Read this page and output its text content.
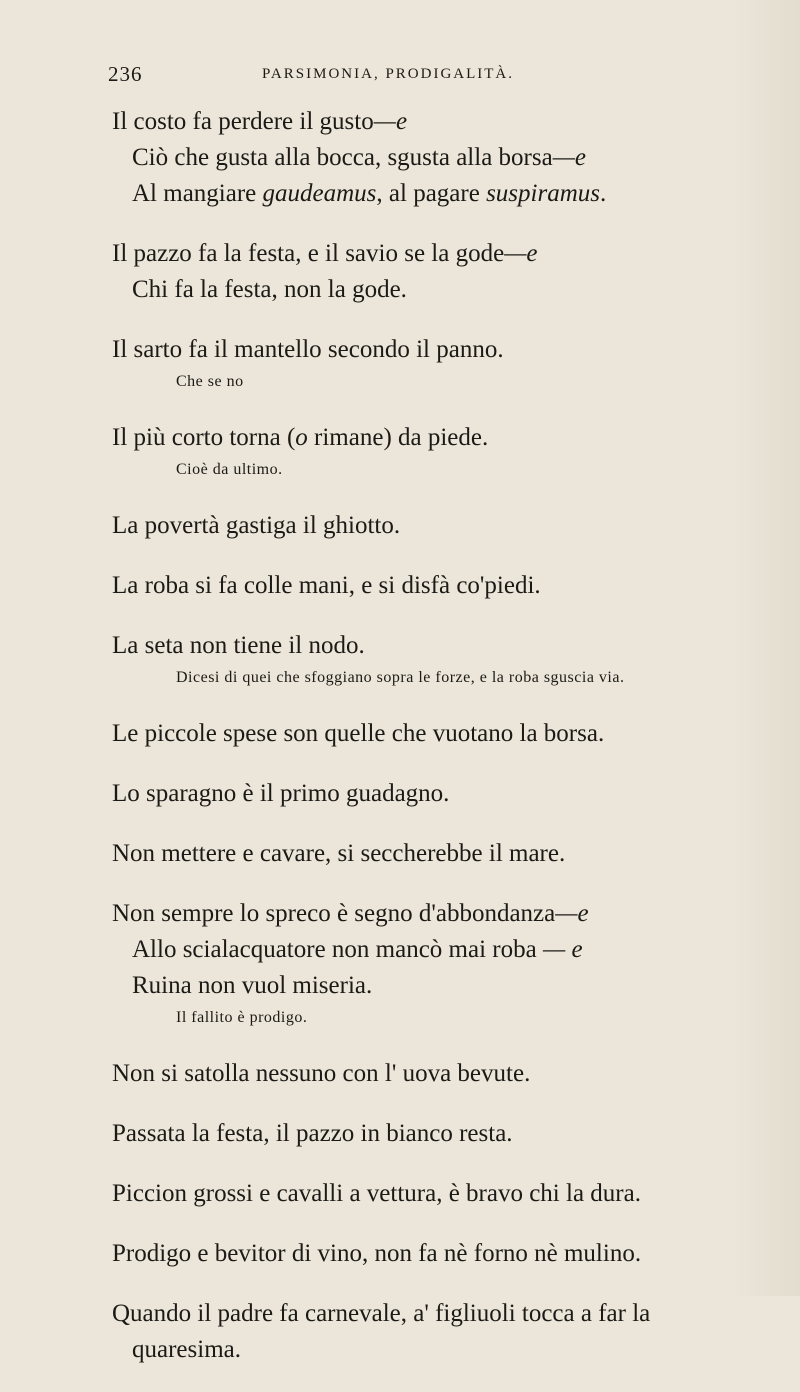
236	PARSIMONIA, PRODIGALITÀ.
Il costo fa perdere il gusto—e
Ciò che gusta alla bocca, sgusta alla borsa—e
Al mangiare gaudeamus, al pagare suspiramus.
Il pazzo fa la festa, e il savio se la gode—e
Chi fa la festa, non la gode.
Il sarto fa il mantello secondo il panno.
Che se no
Il più corto torna (o rimane) da piede.
Cioè da ultimo.
La povertà gastiga il ghiotto.
La roba si fa colle mani, e si disfà co'piedi.
La seta non tiene il nodo.
Dicesi di quei che sfoggiano sopra le forze, e la roba sguscia via.
Le piccole spese son quelle che vuotano la borsa.
Lo sparagno è il primo guadagno.
Non mettere e cavare, si seccherebbe il mare.
Non sempre lo spreco è segno d'abbondanza—e
Allo scialacquatore non mancò mai roba — e
Ruina non vuol miseria.
Il fallito è prodigo.
Non si satolla nessuno con l' uova bevute.
Passata la festa, il pazzo in bianco resta.
Piccion grossi e cavalli a vettura, è bravo chi la dura.
Prodigo e bevitor di vino, non fa nè forno nè mulino.
Quando il padre fa carnevale, a' figliuoli tocca a far la
quaresima.
